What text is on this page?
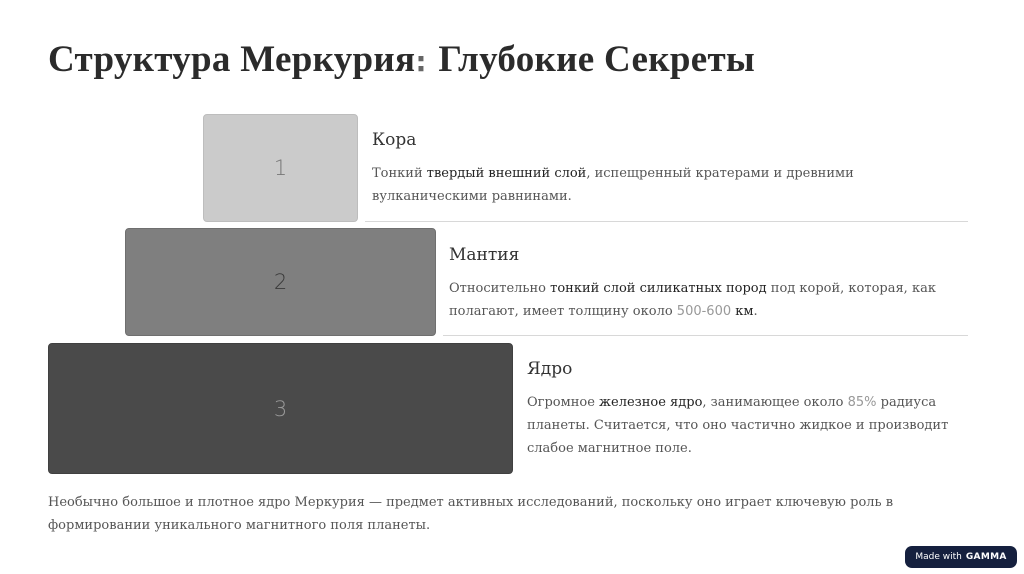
Структура Меркурия: Глубокие Секреты
1
2
3
Кора

Тонкий твердый внешний слой, испещренный кратерами и древними вулканическими равнинами.

Мантия

Относительно тонкий слой силикатных пород под корой, которая, как полагают, имеет толщину около 500-600 км.

Ядро

Огромное железное ядро, занимающее около 85% радиуса планеты. Считается, что оно частично жидкое и производит слабое магнитное поле.

Необычно большое и плотное ядро Меркурия — предмет активных исследований, поскольку оно играет ключевую роль в формировании уникального магнитного поля планеты.

Made with GAMMA
